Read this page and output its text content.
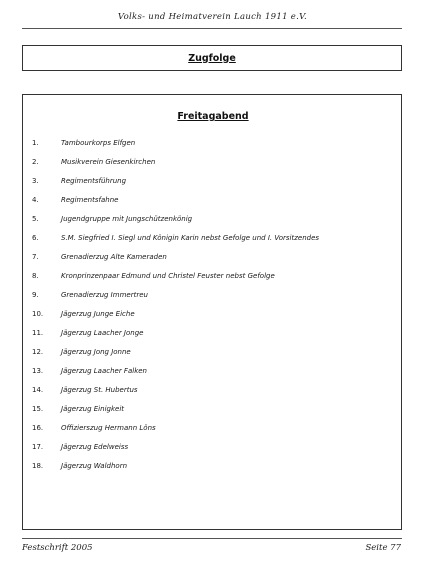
Volks- und Heimatverein Lauch 1911 e.V.
Zugfolge
Freitagabend
1.	Tambourkorps Elfgen
2.	Musikverein Giesenkirchen
3.	Regimentsführung
4.	Regimentsfahne
5.	Jugendgruppe mit Jungschützenkönig
6.	S.M. Siegfried I. Siegl und Königin Karin nebst Gefolge und I. Vorsitzendes
7.	Grenadierzug Alte Kameraden
8.	Kronprinzenpaar Edmund und Christel Feuster nebst Gefolge
9.	Grenadierzug Immertreu
10.	Jägerzug Junge Eiche
11.	Jägerzug Laacher Jonge
12.	Jägerzug Jong Jonne
13.	Jägerzug Laacher Falken
14.	Jägerzug St. Hubertus
15.	Jägerzug Einigkeit
16.	Offizierszug Hermann Löns
17.	Jägerzug Edelweiss
18.	Jägerzug Waldhorn
Festschrift 2005	Seite 77
